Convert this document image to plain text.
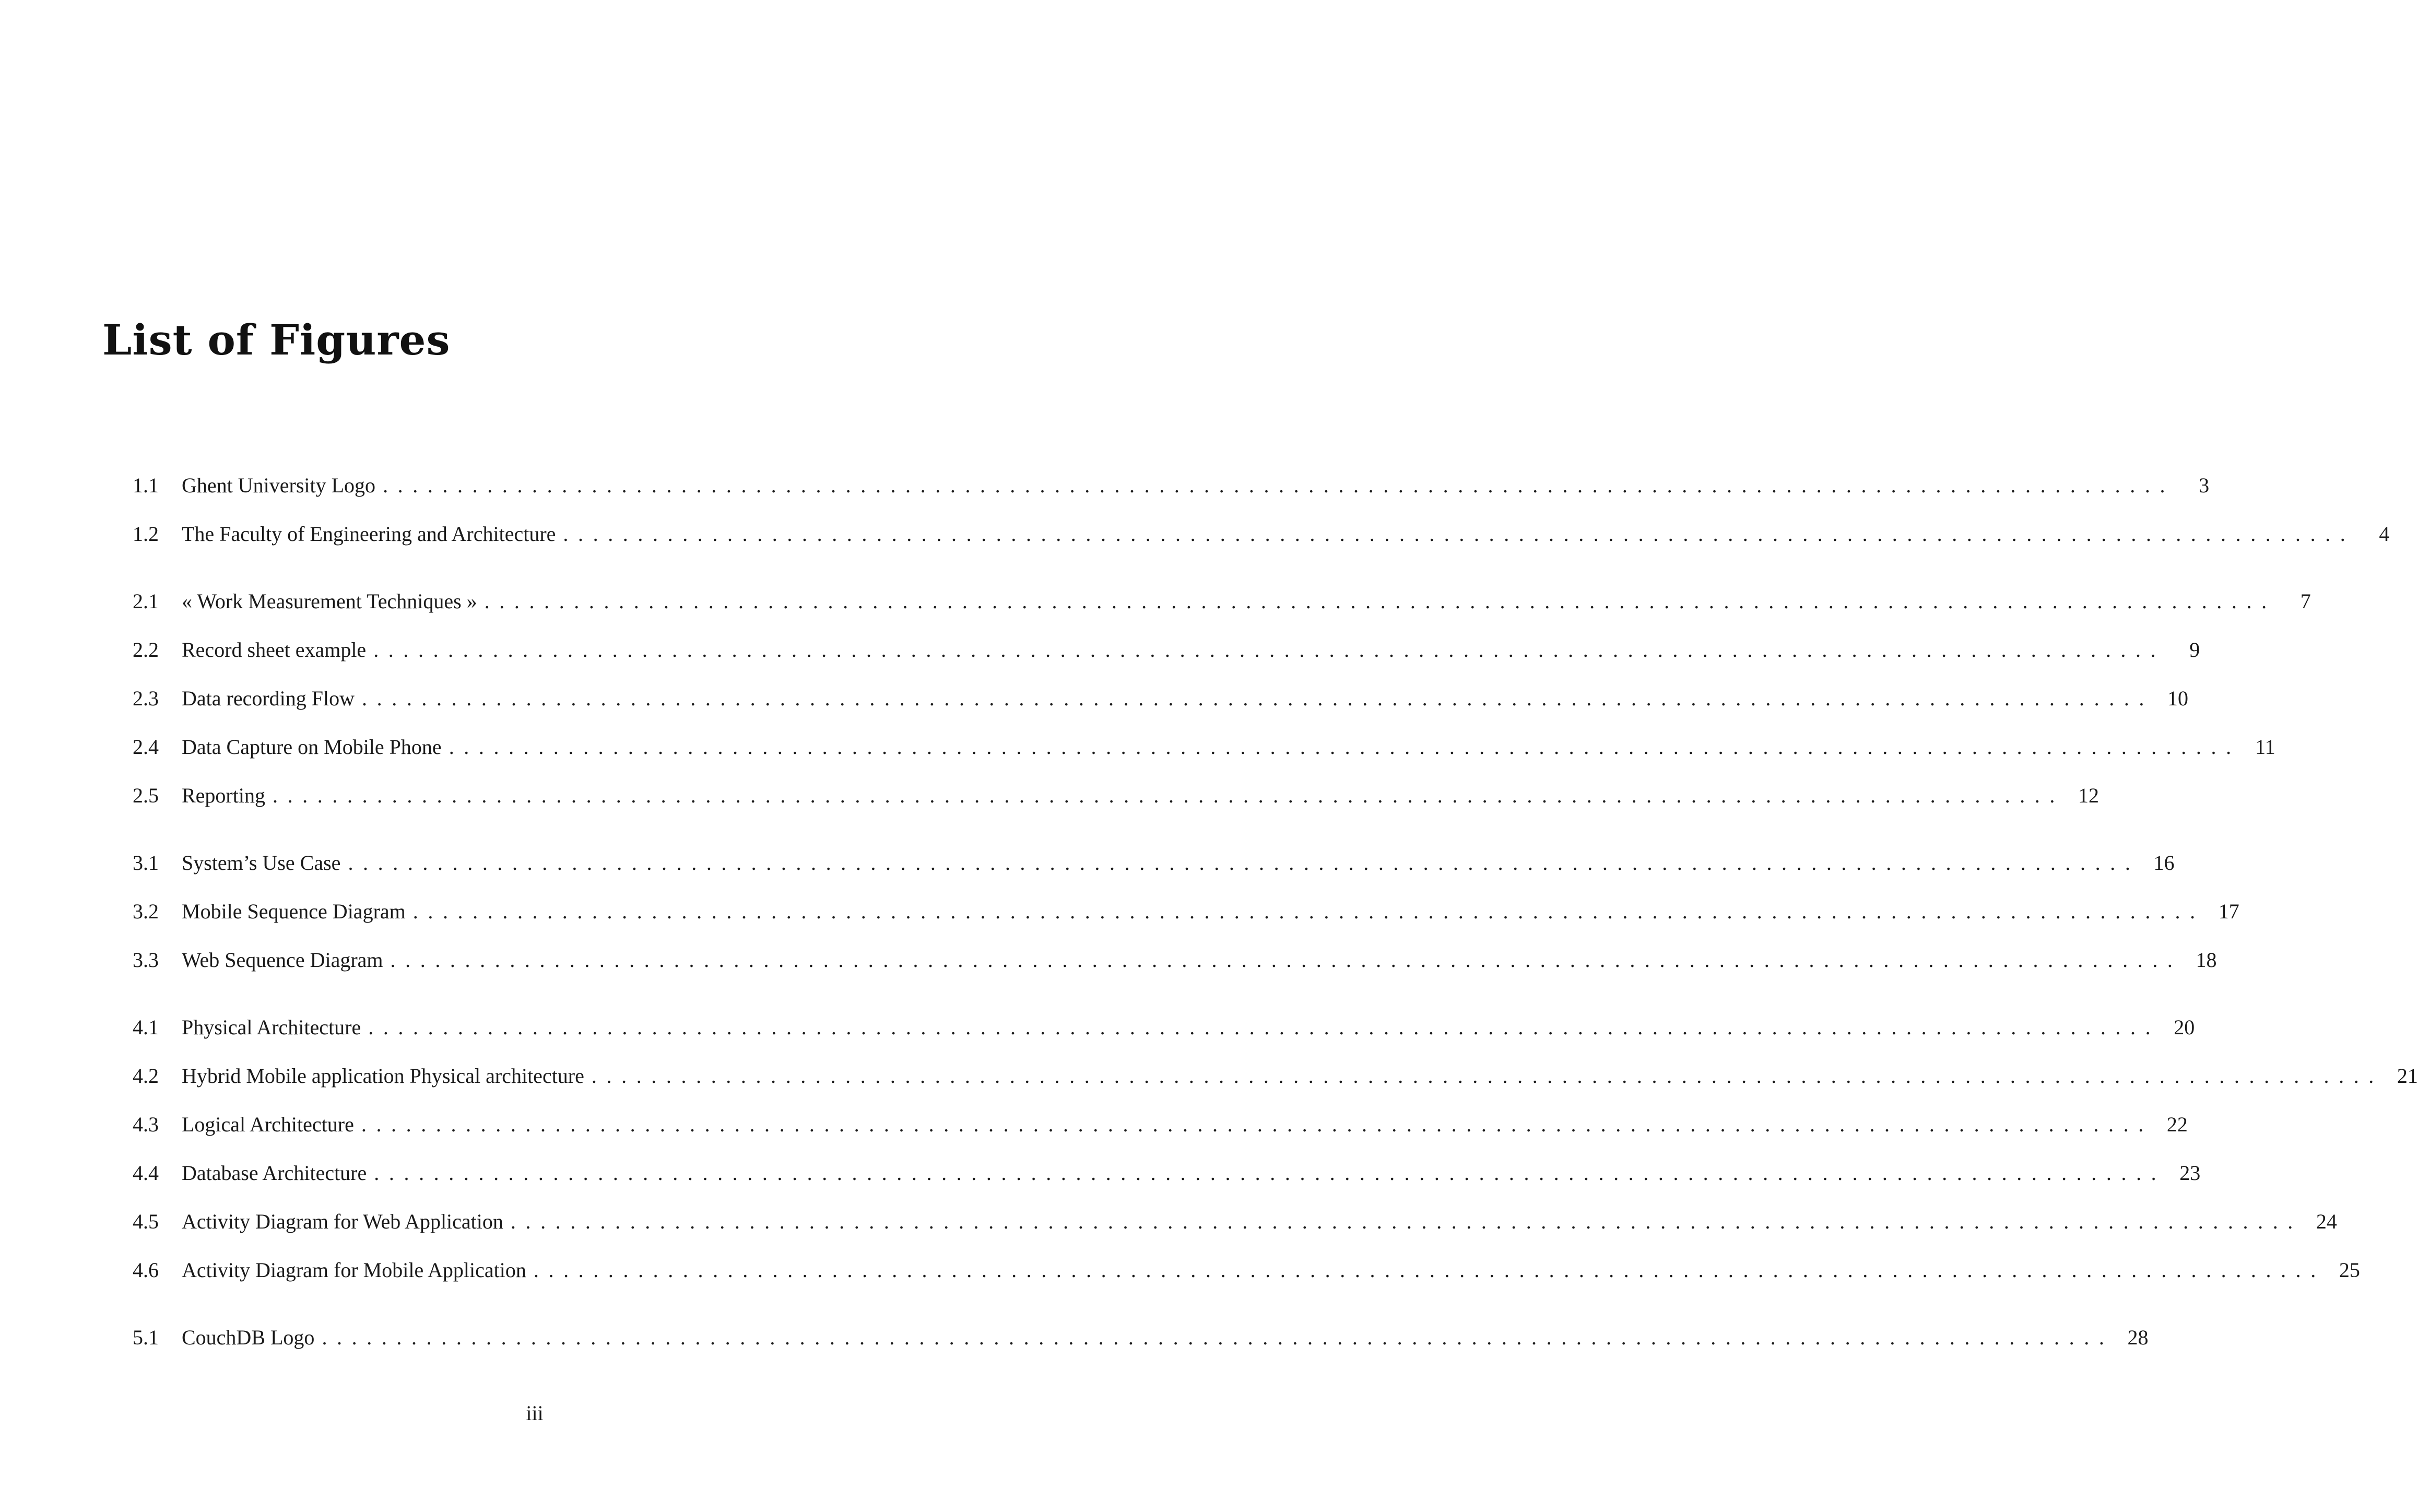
List of Figures
1.1	Ghent University Logo ........................................................................................................................	3
1.2	The Faculty of Engineering and Architecture ........................................................................................................................	4
2.1	« Work Measurement Techniques » ........................................................................................................................	7
2.2	Record sheet example ........................................................................................................................	9
2.3	Data recording Flow ........................................................................................................................ 10
2.4	Data Capture on Mobile Phone ........................................................................................................................ 11
2.5	Reporting ........................................................................................................................ 12
3.1	System’s Use Case ........................................................................................................................ 16
3.2	Mobile Sequence Diagram ........................................................................................................................ 17
3.3	Web Sequence Diagram ........................................................................................................................ 18
4.1	Physical Architecture ........................................................................................................................ 20
4.2	Hybrid Mobile application Physical architecture ........................................................................................................................ 21
4.3	Logical Architecture ........................................................................................................................ 22
4.4	Database Architecture ........................................................................................................................ 23
4.5	Activity Diagram for Web Application ........................................................................................................................ 24
4.6	Activity Diagram for Mobile Application ........................................................................................................................ 25
5.1	CouchDB Logo ........................................................................................................................ 28
iii
